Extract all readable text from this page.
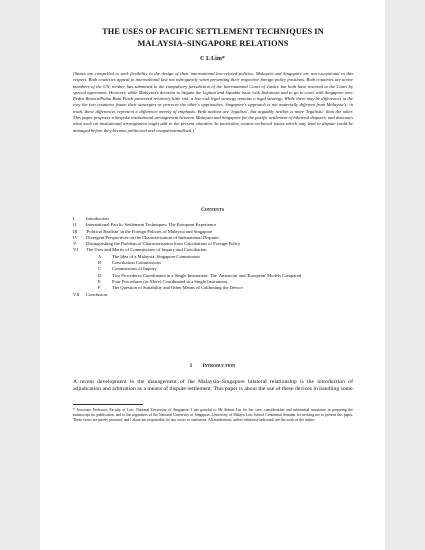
THE USES OF PACIFIC SETTLEMENT TECHNIQUES IN
MALAYSIA–SINGAPORE RELATIONS
C L Lim*
[States are compelled to seek flexibility in the design of their international law-related policies. Malaysia and Singapore are not exceptional in this respect. Both countries appeal to international law not infrequently when presenting their respective foreign policy positions. Both countries are active members of the UN, neither has submitted to the compulsory jurisdiction of the International Court of Justice but both have resorted to the Court by special agreement. However, while Malaysia's decision to litigate the Ligitan and Sipadan issue with Indonesia and to go to court with Singapore over Pedra Branca/Pulau Batu Puteh presented relatively little risk, a low-risk legal strategy remains a legal strategy. While there may be differences in the way the two countries frame their strategies or perceive the other's approaches, Singapore's approach is not materially different from Malaysia's; in truth, these differences represent a difference merely of emphasis. Both nations are 'legalists', but arguably neither is more 'legalistic' than the other. This paper proposes a bespoke institutional arrangement between Malaysia and Singapore for the pacific settlement of bilateral disputes, and discusses what such an institutional arrangement might add to the present situation. In particular, routine technical issues which may lead to dispute could be managed before they become politicised and compartmentalised.]
Contents
I	Introduction
II	International Pacific Settlement Techniques: The European Experience
III	'Political Realism' in the Foreign Policies of Malaysia and Singapore
IV	Divergent Perspectives on the Characterisation of International Disputes
V	Distinguishing the Problem of Characterisation from Calculations of Foreign Policy
VI	The Uses and Merits of Commissions of Inquiry and Conciliation
A	The Idea of a Malaysia–Singapore Commission
B	Conciliation Commissions
C	Commissions of Inquiry
D	Two Procedures Coordinated in a Single Instrument: The 'American' and 'European' Models Compared
E	Four Procedures (or More) Coordinated in a Single Instrument
F	The Question of Suitability and Other Means of Calibrating the Device
VII	Conclusion
I Introduction
A recent development in the management of the Malaysia–Singapore bilateral relationship is the introduction of adjudication and arbitration as a means of dispute settlement. This paper is about the use of these devices in handling some
* Associate Professor, Faculty of Law, National University of Singapore. I am grateful to Mr Simon Lin for her care, consideration and substantial assistance in preparing the manuscript for publication, and to the organisers of the National University of Singapore–University of Malaya Law School Centennial Seminar for inviting me to present this paper. These views are purely personal, and I alone am responsible for any errors or omissions. All translations, unless otherwise indicated, are the work of the author.
